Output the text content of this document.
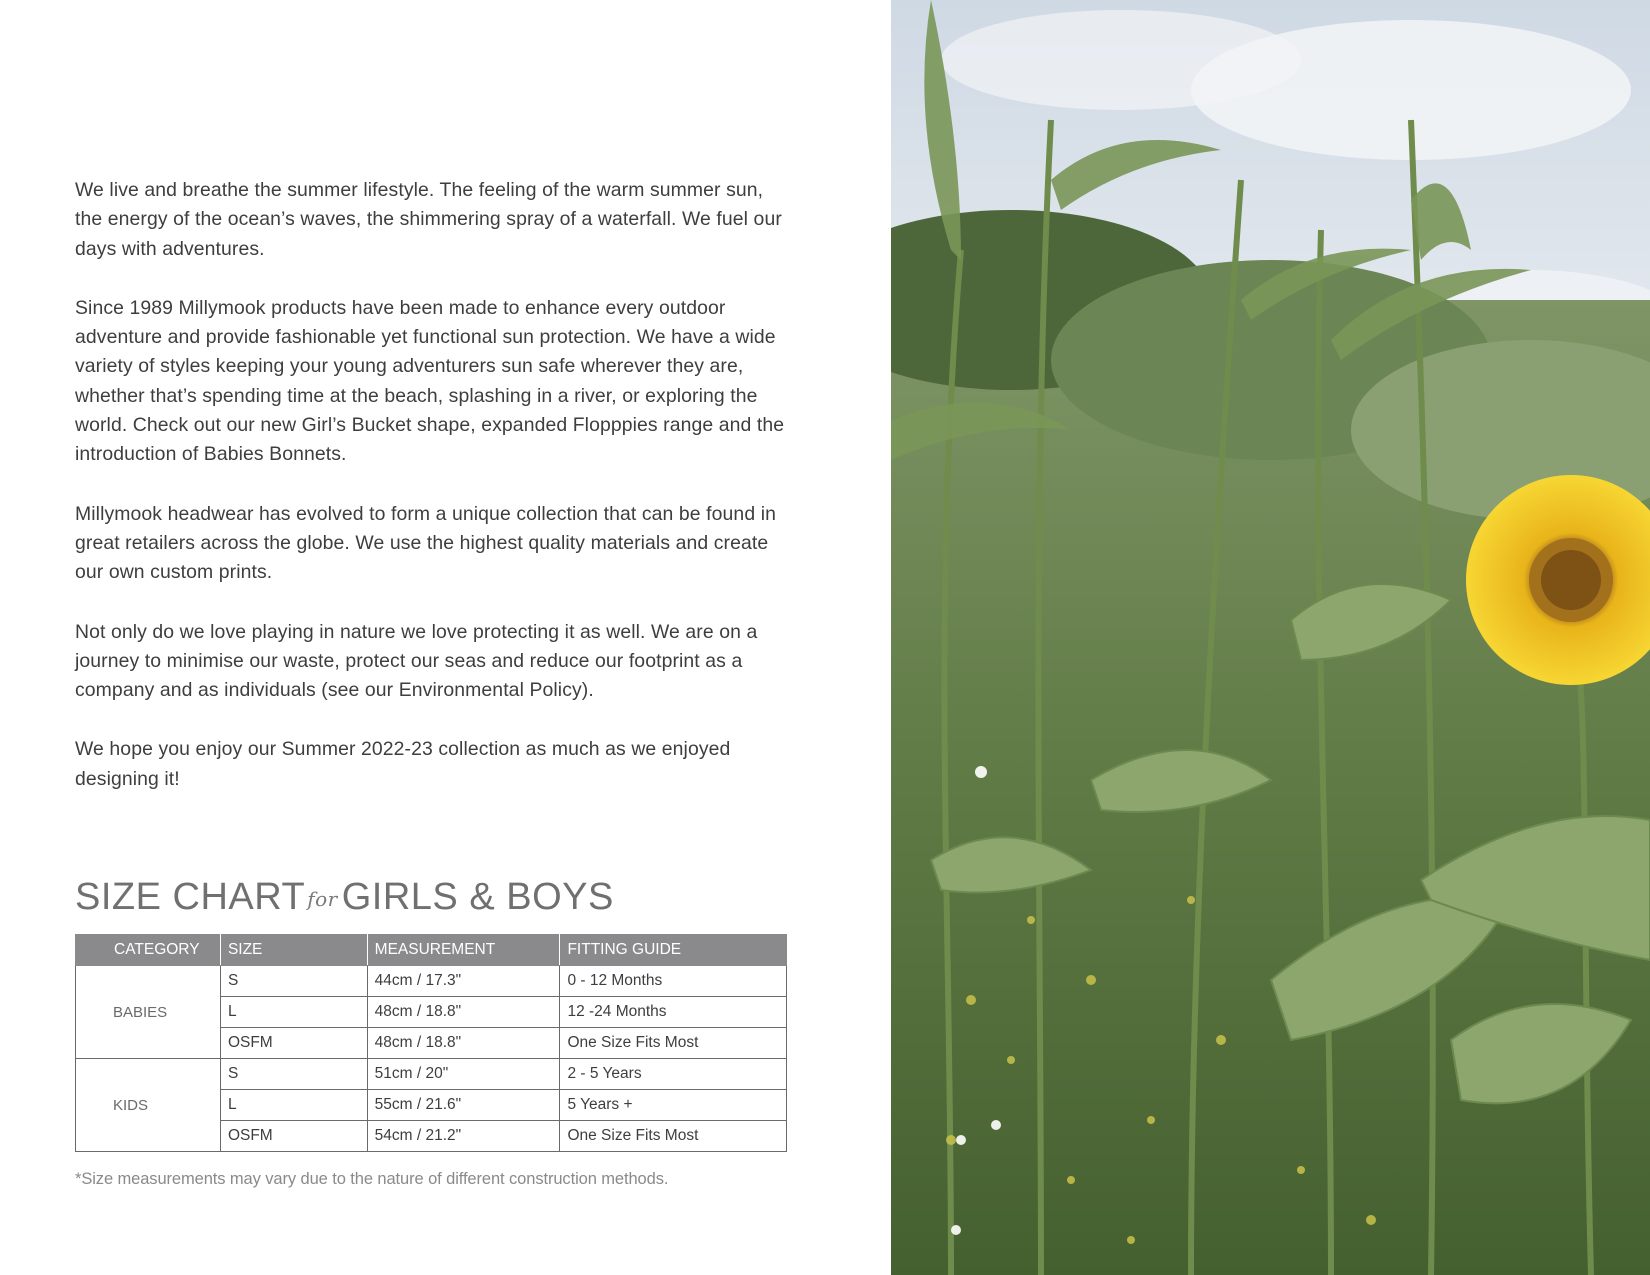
We live and breathe the summer lifestyle. The feeling of the warm summer sun, the energy of the ocean’s waves, the shimmering spray of a waterfall. We fuel our days with adventures.

Since 1989 Millymook products have been made to enhance every outdoor adventure and provide fashionable yet functional sun protection. We have a wide variety of styles keeping your young adventurers sun safe wherever they are, whether that’s spending time at the beach, splashing in a river, or exploring the world. Check out our new Girl’s Bucket shape, expanded Flopppies range and the introduction of Babies Bonnets.

Millymook headwear has evolved to form a unique collection that can be found in great retailers across the globe. We use the highest quality materials and create our own custom prints.

Not only do we love playing in nature we love protecting it as well. We are on a journey to minimise our waste, protect our seas and reduce our footprint as a company and as individuals (see our Environmental Policy).

We hope you enjoy our Summer 2022-23 collection as much as we enjoyed designing it!

SIZE CHART for GIRLS & BOYS
CATEGORY	SIZE	MEASUREMENT	FITTING GUIDE
BABIES	S	44cm / 17.3"	0 - 12 Months
	L	48cm / 18.8"	12 -24 Months
	OSFM	48cm / 18.8"	One Size Fits Most
KIDS	S	51cm / 20"	2 - 5 Years
	L	55cm / 21.6"	5 Years +
	OSFM	54cm / 21.2"	One Size Fits Most
*Size measurements may vary due to the nature of different construction methods.
